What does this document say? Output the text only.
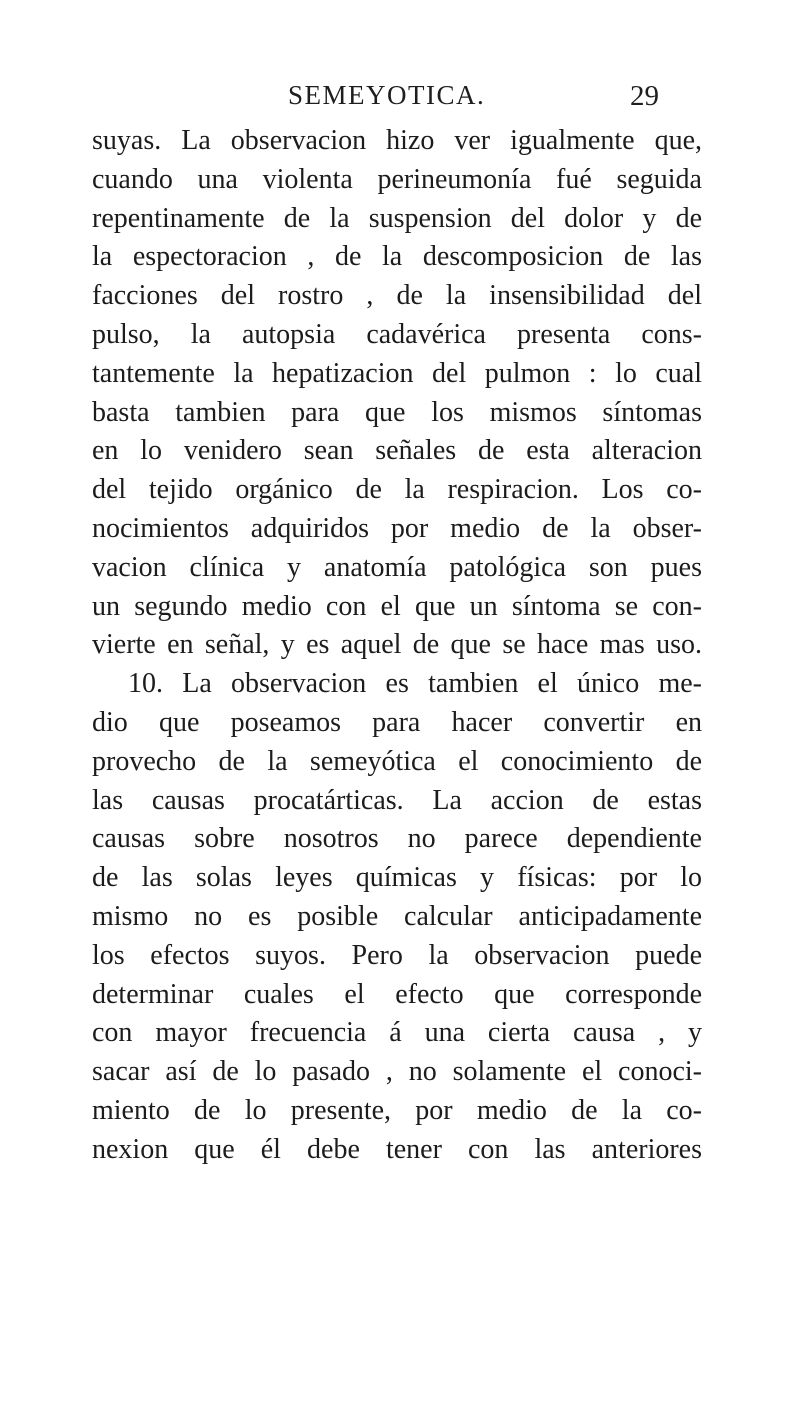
SEMEYOTICA.	29
suyas. La observacion hizo ver igualmente que,
cuando una violenta perineumonía fué seguida
repentinamente de la suspension del dolor y de
la espectoracion , de la descomposicion de las
facciones del rostro , de la insensibilidad del
pulso, la autopsia cadavérica presenta cons-
tantemente la hepatizacion del pulmon : lo cual
basta tambien para que los mismos síntomas
en lo venidero sean señales de esta alteracion
del tejido orgánico de la respiracion. Los co-
nocimientos adquiridos por medio de la obser-
vacion clínica y anatomía patológica son pues
un segundo medio con el que un síntoma se con-
vierte en señal, y es aquel de que se hace mas uso.
10. La observacion es tambien el único me-
dio que poseamos para hacer convertir en
provecho de la semeyótica el conocimiento de
las causas procatárticas. La accion de estas
causas sobre nosotros no parece dependiente
de las solas leyes químicas y físicas: por lo
mismo no es posible calcular anticipadamente
los efectos suyos. Pero la observacion puede
determinar cuales el efecto que corresponde
con mayor frecuencia á una cierta causa , y
sacar así de lo pasado , no solamente el conoci-
miento de lo presente, por medio de la co-
nexion que él debe tener con las anteriores
